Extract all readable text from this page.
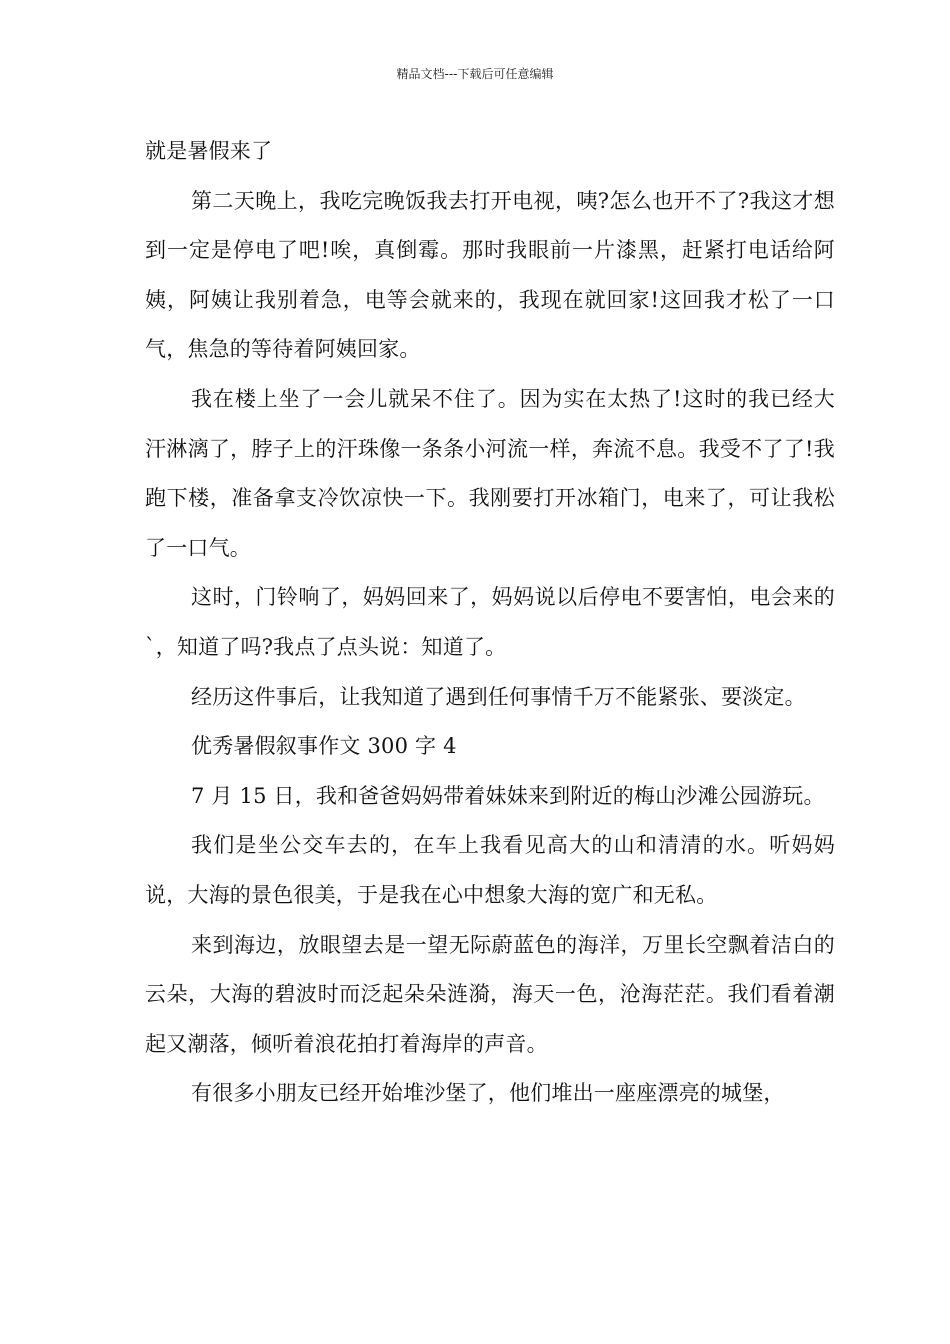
精品文档---下载后可任意编辑

就是暑假来了

第二天晚上，我吃完晚饭我去打开电视，咦?怎么也开不了?我这才想到一定是停电了吧!唉，真倒霉。那时我眼前一片漆黑，赶紧打电话给阿姨，阿姨让我别着急，电等会就来的，我现在就回家!这回我才松了一口气，焦急的等待着阿姨回家。

我在楼上坐了一会儿就呆不住了。因为实在太热了!这时的我已经大汗淋漓了，脖子上的汗珠像一条条小河流一样，奔流不息。我受不了了!我跑下楼，准备拿支冷饮凉快一下。我刚要打开冰箱门，电来了，可让我松了一口气。

这时，门铃响了，妈妈回来了，妈妈说以后停电不要害怕，电会来的`，知道了吗?我点了点头说：知道了。

经历这件事后，让我知道了遇到任何事情千万不能紧张、要淡定。

优秀暑假叙事作文 300 字 4

7 月 15 日，我和爸爸妈妈带着妹妹来到附近的梅山沙滩公园游玩。

我们是坐公交车去的，在车上我看见高大的山和清清的水。听妈妈说，大海的景色很美，于是我在心中想象大海的宽广和无私。

来到海边，放眼望去是一望无际蔚蓝色的海洋，万里长空飘着洁白的云朵，大海的碧波时而泛起朵朵涟漪，海天一色，沧海茫茫。我们看着潮起又潮落，倾听着浪花拍打着海岸的声音。

有很多小朋友已经开始堆沙堡了，他们堆出一座座漂亮的城堡，
